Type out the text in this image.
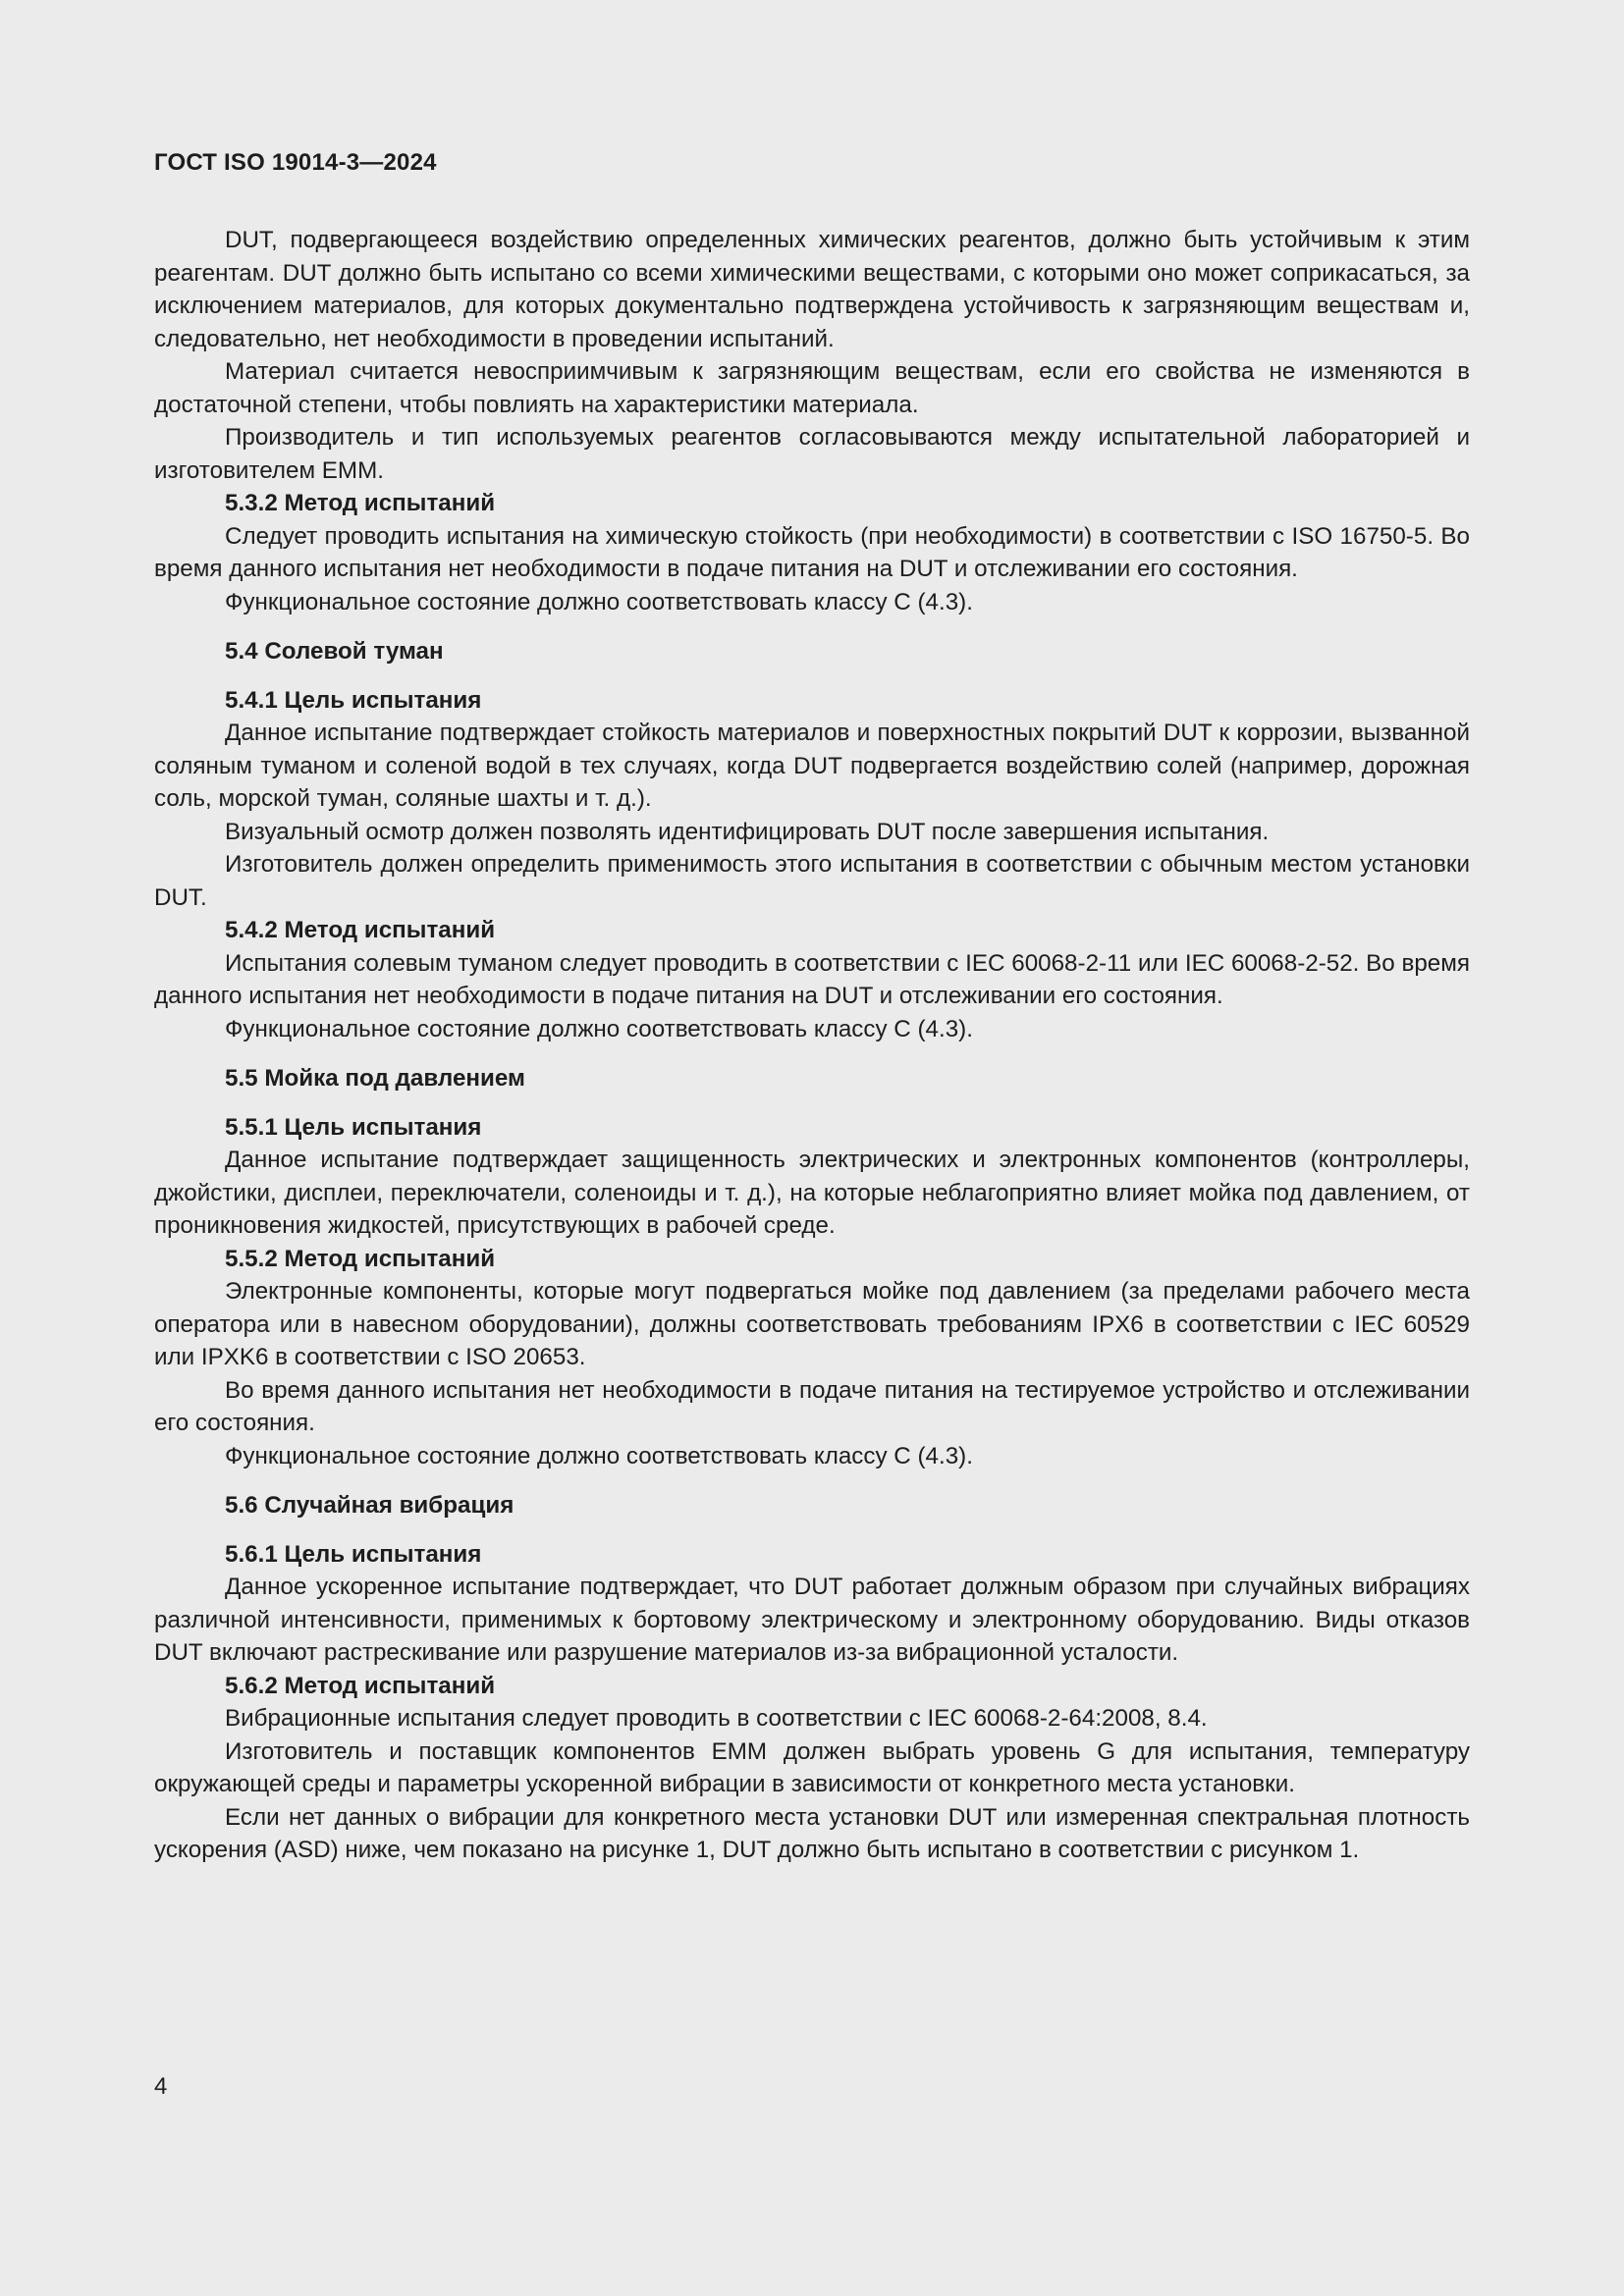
ГОСТ ISO 19014-3—2024

DUT, подвергающееся воздействию определенных химических реагентов, должно быть устойчивым к этим реагентам. DUT должно быть испытано со всеми химическими веществами, с которыми оно может соприкасаться, за исключением материалов, для которых документально подтверждена устойчивость к загрязняющим веществам и, следовательно, нет необходимости в проведении испытаний.

Материал считается невосприимчивым к загрязняющим веществам, если его свойства не изменяются в достаточной степени, чтобы повлиять на характеристики материала.

Производитель и тип используемых реагентов согласовываются между испытательной лабораторией и изготовителем ЕММ.

5.3.2 Метод испытаний

Следует проводить испытания на химическую стойкость (при необходимости) в соответствии с ISO 16750-5. Во время данного испытания нет необходимости в подаче питания на DUT и отслеживании его состояния.

Функциональное состояние должно соответствовать классу С (4.3).

5.4 Солевой туман

5.4.1 Цель испытания

Данное испытание подтверждает стойкость материалов и поверхностных покрытий DUT к коррозии, вызванной соляным туманом и соленой водой в тех случаях, когда DUT подвергается воздействию солей (например, дорожная соль, морской туман, соляные шахты и т. д.).

Визуальный осмотр должен позволять идентифицировать DUT после завершения испытания.

Изготовитель должен определить применимость этого испытания в соответствии с обычным местом установки DUT.

5.4.2 Метод испытаний

Испытания солевым туманом следует проводить в соответствии с IEC 60068-2-11 или IEC 60068-2-52. Во время данного испытания нет необходимости в подаче питания на DUT и отслеживании его состояния.

Функциональное состояние должно соответствовать классу С (4.3).

5.5 Мойка под давлением

5.5.1 Цель испытания

Данное испытание подтверждает защищенность электрических и электронных компонентов (контроллеры, джойстики, дисплеи, переключатели, соленоиды и т. д.), на которые неблагоприятно влияет мойка под давлением, от проникновения жидкостей, присутствующих в рабочей среде.

5.5.2 Метод испытаний

Электронные компоненты, которые могут подвергаться мойке под давлением (за пределами рабочего места оператора или в навесном оборудовании), должны соответствовать требованиям IPX6 в соответствии с IEC 60529 или IPXK6 в соответствии с ISO 20653.

Во время данного испытания нет необходимости в подаче питания на тестируемое устройство и отслеживании его состояния.

Функциональное состояние должно соответствовать классу С (4.3).

5.6 Случайная вибрация

5.6.1 Цель испытания

Данное ускоренное испытание подтверждает, что DUT работает должным образом при случайных вибрациях различной интенсивности, применимых к бортовому электрическому и электронному оборудованию. Виды отказов DUT включают растрескивание или разрушение материалов из-за вибрационной усталости.

5.6.2 Метод испытаний

Вибрационные испытания следует проводить в соответствии с IEC 60068-2-64:2008, 8.4.

Изготовитель и поставщик компонентов ЕММ должен выбрать уровень G для испытания, температуру окружающей среды и параметры ускоренной вибрации в зависимости от конкретного места установки.

Если нет данных о вибрации для конкретного места установки DUT или измеренная спектральная плотность ускорения (ASD) ниже, чем показано на рисунке 1, DUT должно быть испытано в соответствии с рисунком 1.

4
